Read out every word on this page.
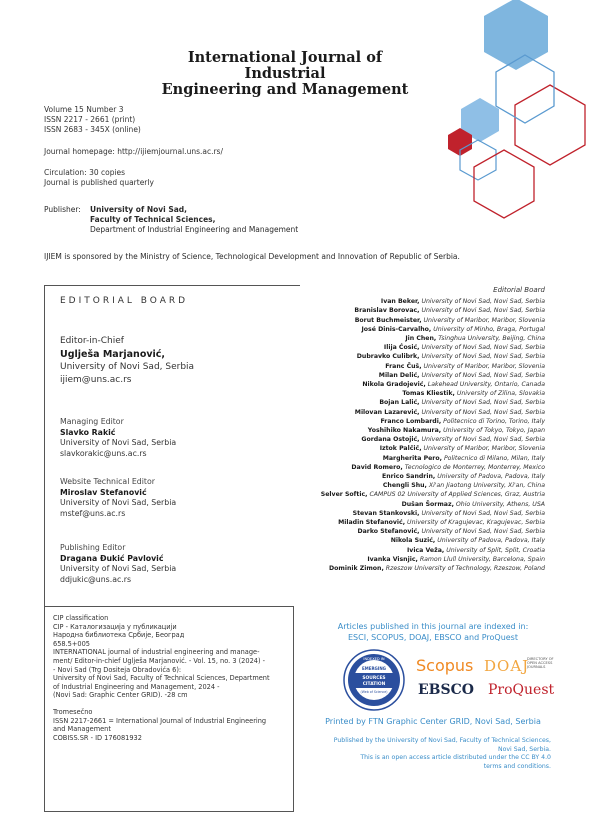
International Journal of Industrial
Engineering and Management
Volume 15 Number 3
ISSN 2217 - 2661 (print)
ISSN 2683 - 345X (online)
Journal homepage: http://ijiemjournal.uns.ac.rs/
Circulation: 30 copies
Journal is published quarterly
Publisher: University of Novi Sad,
Faculty of Technical Sciences,
Department of Industrial Engineering and Management
IJIEM is sponsored by the Ministry of Science, Technological Development and Innovation of Republic of Serbia.
EDITORIAL BOARD
Editor-in-Chief
Uglješa Marjanović,
University of Novi Sad, Serbia
ijiem@uns.ac.rs
Managing Editor
Slavko Rakić
University of Novi Sad, Serbia
slavkorakic@uns.ac.rs
Website Technical Editor
Miroslav Stefanović
University of Novi Sad, Serbia
mstef@uns.ac.rs
Publishing Editor
Dragana Đukić Pavlović
University of Novi Sad, Serbia
ddjukic@uns.ac.rs
Editorial Board
Ivan Beker, University of Novi Sad, Novi Sad, Serbia
Branislav Borovac, University of Novi Sad, Novi Sad, Serbia
Borut Buchmeister, University of Maribor, Maribor, Slovenia
José Dinis-Carvalho, University of Minho, Braga, Portugal
Jin Chen, Tsinghua University, Beijing, China
Ilija Ćosić, University of Novi Sad, Novi Sad, Serbia
Dubravko Culibrk, University of Novi Sad, Novi Sad, Serbia
Franc Čuš, University of Maribor, Maribor, Slovenia
Milan Delić, University of Novi Sad, Novi Sad, Serbia
Nikola Gradojević, Lakehead University, Ontario, Canada
Tomas Kliestik, University of Zilina, Slovakia
Bojan Lalić, University of Novi Sad, Novi Sad, Serbia
Milovan Lazarević, University of Novi Sad, Novi Sad, Serbia
Franco Lombardi, Politecnico di Torino, Torino, Italy
Yoshihiko Nakamura, University of Tokyo, Tokyo, Japan
Gordana Ostojić, University of Novi Sad, Novi Sad, Serbia
Iztok Palčič, University of Maribor, Maribor, Slovenia
Margherita Pero, Politecnico di Milano, Milan, Italy
David Romero, Tecnologico de Monterrey, Monterrey, Mexico
Enrico Sandrin, University of Padova, Padova, Italy
Chengli Shu, Xi'an Jiaotong University, Xi'an, China
Selver Softic, CAMPUS 02 University of Applied Sciences, Graz, Austria
Dušan Šormaz, Ohio University, Athens, USA
Stevan Stankovski, University of Novi Sad, Novi Sad, Serbia
Miladin Stefanović, University of Kragujevac, Kragujevac, Serbia
Darko Stefanović, University of Novi Sad, Novi Sad, Serbia
Nikola Suzić, University of Padova, Padova, Italy
Ivica Veža, University of Split, Split, Croatia
Ivanka Visnjic, Ramon Llull University, Barcelona, Spain
Dominik Zimon, Rzeszow University of Technology, Rzeszow, Poland

CIP classification

CIP - Каталогизација у публикацији

Народна библиотека Србије, Београд

658.5+005

INTERNATIONAL journal of industrial engineering and manage-

ment/ Editor-in-chief Uglješa Marjanović. - Vol. 15, no. 3 (2024) -

- Novi Sad (Trg Dositeja Obradovića 6):

University of Novi Sad, Faculty of Technical Sciences, Department

of Industrial Engineering and Management, 2024 -

(Novi Sad: Graphic Center GRID). -28 cm

Tromesečno

ISSN 2217-2661 = International Journal of Industrial Engineering

and Management

COBISS.SR - ID 176081932

Articles published in this journal are indexed in:
ESCI, SCOPUS, DOAJ, EBSCO and ProQuest
INDEXED IN
EMERGING
SOURCES
CITATION
(Web of Science)
Scopus DOAJ
DIRECTORY OF OPEN ACCESS JOURNALS
EBSCO ProQuest
Printed by FTN Graphic Center GRID, Novi Sad, Serbia
Published by the University of Novi Sad, Faculty of Technical Sciences,
Novi Sad, Serbia.
This is an open access article distributed under the CC BY 4.0
terms and conditions.
